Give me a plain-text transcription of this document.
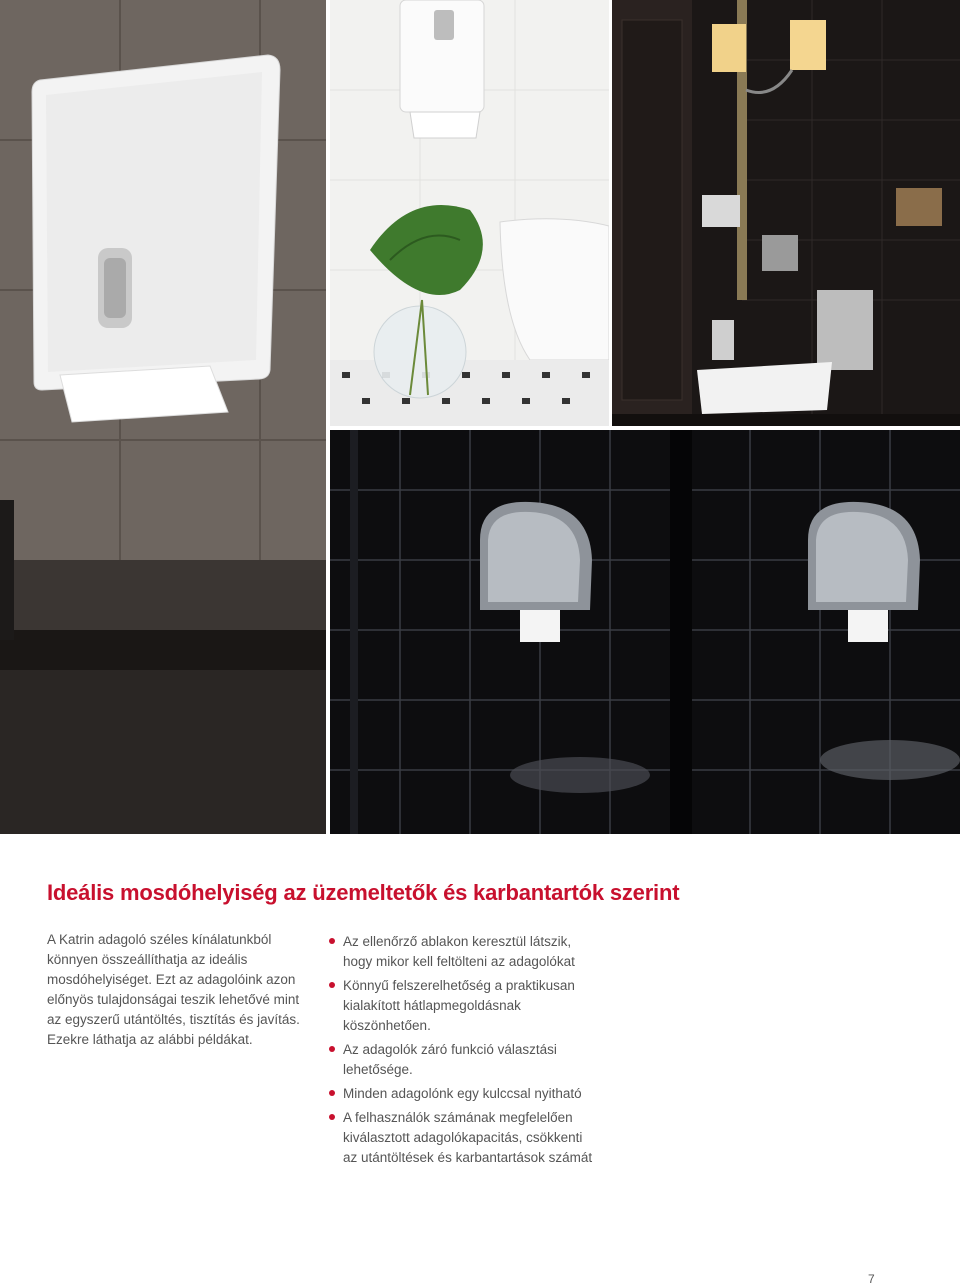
Ideális mosdóhelyiség az üzemeltetők és karbantartók szerint

A Katrin adagoló széles kínálatunkból könnyen összeállíthatja az ideális mosdóhelyiséget. Ezt az adagolóink azon előnyös tulajdonságai teszik lehetővé mint az egyszerű utántöltés, tisztítás és javítás. Ezekre láthatja az alábbi példákat.

Az ellenőrző ablakon keresztül látszik, hogy mikor kell feltölteni az adagolókat
Könnyű felszerelhetőség a praktikusan kialakított hátlapmegoldásnak köszönhetően.
Az adagolók záró funkció választási lehetősége.
Minden adagolónk egy kulccsal nyitható
A felhasználók számának megfelelően kiválasztott adagolókapacitás, csökkenti az utántöltések és karbantartások számát
7
